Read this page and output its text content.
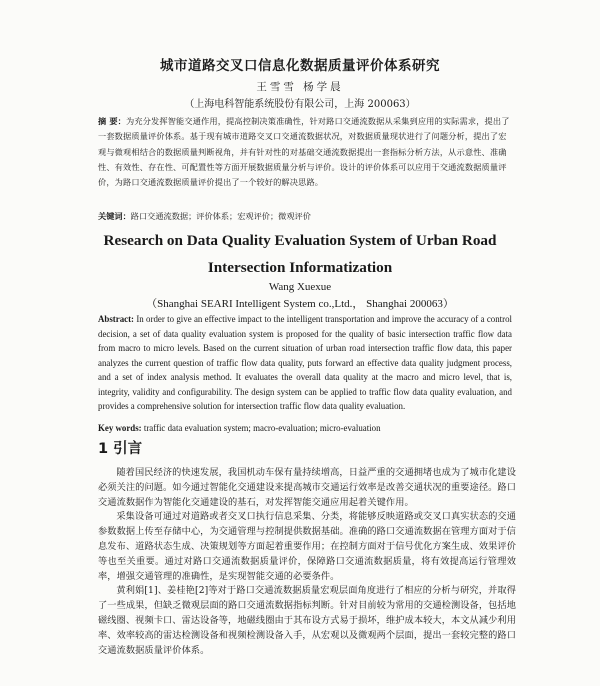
城市道路交叉口信息化数据质量评价体系研究
王雪雪 杨学晨
（上海电科智能系统股份有限公司，上海 200063）
摘 要：为充分发挥智能交通作用，提高控制决策准确性，针对路口交通流数据从采集到应用的实际需求，提出了一套数据质量评价体系。基于现有城市道路交叉口交通流数据状况，对数据质量现状进行了问题分析，提出了宏观与微观相结合的数据质量判断视角，并有针对性的对基础交通流数据提出一套指标分析方法，从示意性、准确性、有效性、存在性、可配置性等方面开展数据质量分析与评价。设计的评价体系可以应用于交通流数据质量评价，为路口交通流数据质量评价提出了一个较好的解决思路。
关键词：路口交通流数据；评价体系；宏观评价；微观评价
Research on Data Quality Evaluation System of Urban Road
Intersection Informatization
Wang Xuexue
（Shanghai SEARI Intelligent System co.,Ltd.， Shanghai 200063）
Abstract: In order to give an effective impact to the intelligent transportation and improve the accuracy of a control decision, a set of data quality evaluation system is proposed for the quality of basic intersection traffic flow data from macro to micro levels. Based on the current situation of urban road intersection traffic flow data, this paper analyzes the current question of traffic flow data quality, puts forward an effective data quality judgment process, and a set of index analysis method. It evaluates the overall data quality at the macro and micro level, that is, integrity, validity and configurability. The design system can be applied to traffic flow data quality evaluation, and provides a comprehensive solution for intersection traffic flow data quality evaluation.
Key words: traffic data evaluation system; macro-evaluation; micro-evaluation
1 引言

随着国民经济的快速发展，我国机动车保有量持续增高，日益严重的交通拥堵也成为了城市化建设必须关注的问题。如今通过智能化交通建设来提高城市交通运行效率是改善交通状况的重要途径。路口交通流数据作为智能化交通建设的基石，对发挥智能交通应用起着关键作用。

采集设备可通过对道路或者交叉口执行信息采集、分类，将能够反映道路或交叉口真实状态的交通参数数据上传至存储中心，为交通管理与控制提供数据基础。准确的路口交通流数据在管理方面对于信息发布、道路状态生成、决策规划等方面起着重要作用；在控制方面对于信号优化方案生成、效果评价等也至关重要。通过对路口交通流数据质量评价，保障路口交通流数据质量，将有效提高运行管理效率，增强交通管理的准确性，是实现智能交通的必要条件。

黄利娟[1]、姜桂艳[2]等对于路口交通流数据质量宏观层面角度进行了相应的分析与研究，并取得了一些成果，但缺乏微观层面的路口交通流数据指标判断。针对目前较为常用的交通检测设备，包括地磁线圈、视频卡口、雷达设备等，地磁线圈由于其布设方式易于损坏，维护成本较大，本文从减少利用率、效率较高的雷达检测设备和视频检测设备入手，从宏观以及微观两个层面，提出一套较完整的路口交通流数据质量评价体系。
